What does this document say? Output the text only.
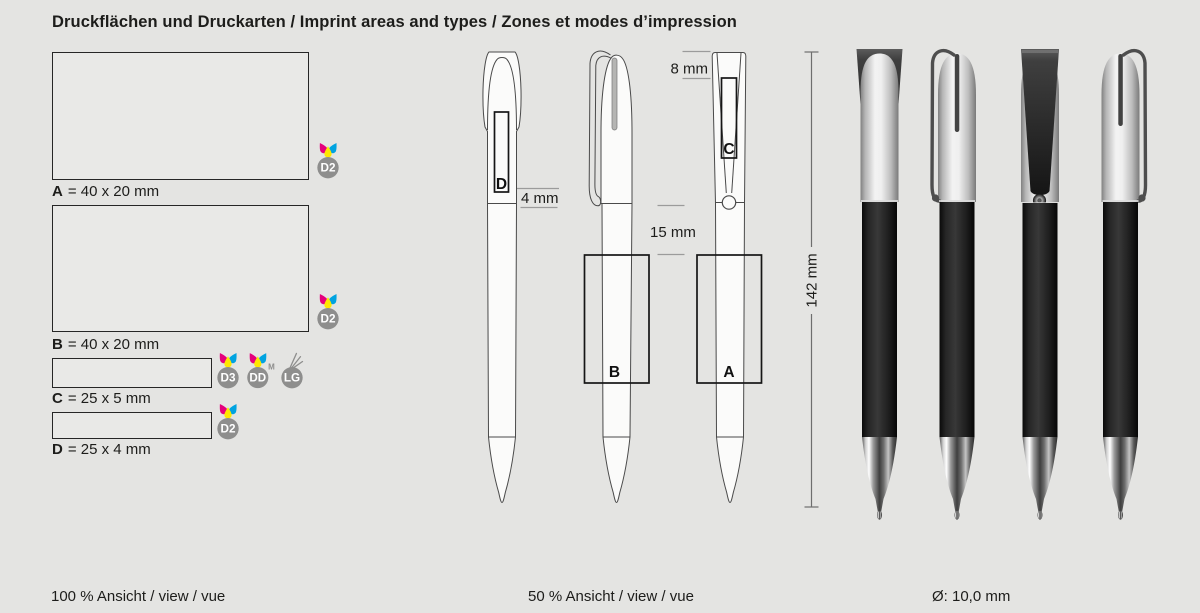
Druckflächen und Druckarten / Imprint areas and types / Zones et modes d’impression
A = 40 x 20 mm
B = 40 x 20 mm
C = 25 x 5 mm
D = 25 x 4 mm
D2
D2
D3 DD
M
LG
D2
D
4 mm
B
15 mm
C
A
8 mm
142 mm
100 % Ansicht / view / vue	50 % Ansicht / view / vue	Ø: 10,0 mm
